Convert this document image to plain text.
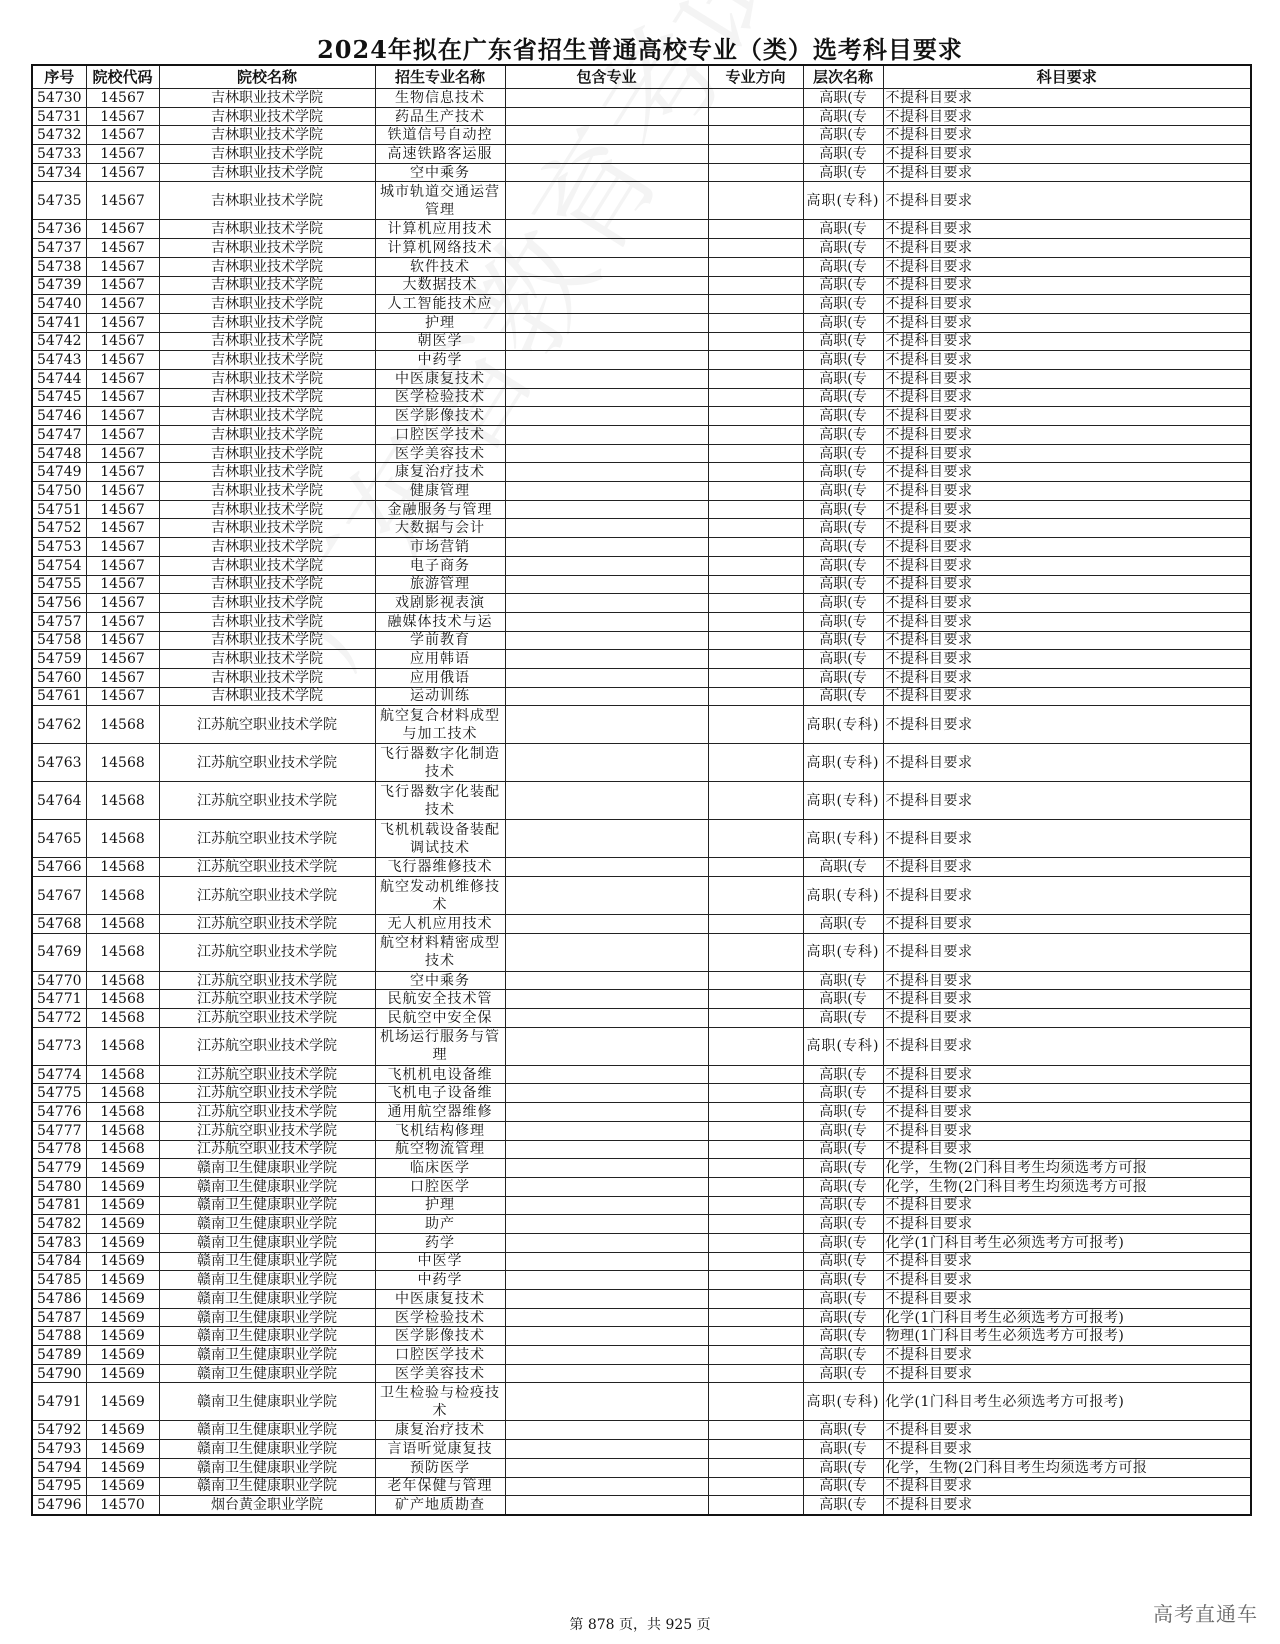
2024年拟在广东省招生普通高校专业（类）选考科目要求
序号	院校代码	院校名称	招生专业名称	包含专业	专业方向	层次名称	科目要求
54730	14567	吉林职业技术学院	生物信息技术			高职(专	不提科目要求
54731	14567	吉林职业技术学院	药品生产技术			高职(专	不提科目要求
54732	14567	吉林职业技术学院	铁道信号自动控			高职(专	不提科目要求
54733	14567	吉林职业技术学院	高速铁路客运服			高职(专	不提科目要求
54734	14567	吉林职业技术学院	空中乘务			高职(专	不提科目要求
54735	14567	吉林职业技术学院	城市轨道交通运营管理			高职(专科)	不提科目要求
54736	14567	吉林职业技术学院	计算机应用技术			高职(专	不提科目要求
54737	14567	吉林职业技术学院	计算机网络技术			高职(专	不提科目要求
54738	14567	吉林职业技术学院	软件技术			高职(专	不提科目要求
54739	14567	吉林职业技术学院	大数据技术			高职(专	不提科目要求
54740	14567	吉林职业技术学院	人工智能技术应			高职(专	不提科目要求
54741	14567	吉林职业技术学院	护理			高职(专	不提科目要求
54742	14567	吉林职业技术学院	朝医学			高职(专	不提科目要求
54743	14567	吉林职业技术学院	中药学			高职(专	不提科目要求
54744	14567	吉林职业技术学院	中医康复技术			高职(专	不提科目要求
54745	14567	吉林职业技术学院	医学检验技术			高职(专	不提科目要求
54746	14567	吉林职业技术学院	医学影像技术			高职(专	不提科目要求
54747	14567	吉林职业技术学院	口腔医学技术			高职(专	不提科目要求
54748	14567	吉林职业技术学院	医学美容技术			高职(专	不提科目要求
54749	14567	吉林职业技术学院	康复治疗技术			高职(专	不提科目要求
54750	14567	吉林职业技术学院	健康管理			高职(专	不提科目要求
54751	14567	吉林职业技术学院	金融服务与管理			高职(专	不提科目要求
54752	14567	吉林职业技术学院	大数据与会计			高职(专	不提科目要求
54753	14567	吉林职业技术学院	市场营销			高职(专	不提科目要求
54754	14567	吉林职业技术学院	电子商务			高职(专	不提科目要求
54755	14567	吉林职业技术学院	旅游管理			高职(专	不提科目要求
54756	14567	吉林职业技术学院	戏剧影视表演			高职(专	不提科目要求
54757	14567	吉林职业技术学院	融媒体技术与运			高职(专	不提科目要求
54758	14567	吉林职业技术学院	学前教育			高职(专	不提科目要求
54759	14567	吉林职业技术学院	应用韩语			高职(专	不提科目要求
54760	14567	吉林职业技术学院	应用俄语			高职(专	不提科目要求
54761	14567	吉林职业技术学院	运动训练			高职(专	不提科目要求
54762	14568	江苏航空职业技术学院	航空复合材料成型与加工技术			高职(专科)	不提科目要求
54763	14568	江苏航空职业技术学院	飞行器数字化制造技术			高职(专科)	不提科目要求
54764	14568	江苏航空职业技术学院	飞行器数字化装配技术			高职(专科)	不提科目要求
54765	14568	江苏航空职业技术学院	飞机机载设备装配调试技术			高职(专科)	不提科目要求
54766	14568	江苏航空职业技术学院	飞行器维修技术			高职(专	不提科目要求
54767	14568	江苏航空职业技术学院	航空发动机维修技术			高职(专科)	不提科目要求
54768	14568	江苏航空职业技术学院	无人机应用技术			高职(专	不提科目要求
54769	14568	江苏航空职业技术学院	航空材料精密成型技术			高职(专科)	不提科目要求
54770	14568	江苏航空职业技术学院	空中乘务			高职(专	不提科目要求
54771	14568	江苏航空职业技术学院	民航安全技术管			高职(专	不提科目要求
54772	14568	江苏航空职业技术学院	民航空中安全保			高职(专	不提科目要求
54773	14568	江苏航空职业技术学院	机场运行服务与管理			高职(专科)	不提科目要求
54774	14568	江苏航空职业技术学院	飞机机电设备维			高职(专	不提科目要求
54775	14568	江苏航空职业技术学院	飞机电子设备维			高职(专	不提科目要求
54776	14568	江苏航空职业技术学院	通用航空器维修			高职(专	不提科目要求
54777	14568	江苏航空职业技术学院	飞机结构修理			高职(专	不提科目要求
54778	14568	江苏航空职业技术学院	航空物流管理			高职(专	不提科目要求
54779	14569	赣南卫生健康职业学院	临床医学			高职(专	化学，生物(2门科目考生均须选考方可报
54780	14569	赣南卫生健康职业学院	口腔医学			高职(专	化学，生物(2门科目考生均须选考方可报
54781	14569	赣南卫生健康职业学院	护理			高职(专	不提科目要求
54782	14569	赣南卫生健康职业学院	助产			高职(专	不提科目要求
54783	14569	赣南卫生健康职业学院	药学			高职(专	化学(1门科目考生必须选考方可报考)
54784	14569	赣南卫生健康职业学院	中医学			高职(专	不提科目要求
54785	14569	赣南卫生健康职业学院	中药学			高职(专	不提科目要求
54786	14569	赣南卫生健康职业学院	中医康复技术			高职(专	不提科目要求
54787	14569	赣南卫生健康职业学院	医学检验技术			高职(专	化学(1门科目考生必须选考方可报考)
54788	14569	赣南卫生健康职业学院	医学影像技术			高职(专	物理(1门科目考生必须选考方可报考)
54789	14569	赣南卫生健康职业学院	口腔医学技术			高职(专	不提科目要求
54790	14569	赣南卫生健康职业学院	医学美容技术			高职(专	不提科目要求
54791	14569	赣南卫生健康职业学院	卫生检验与检疫技术			高职(专科)	化学(1门科目考生必须选考方可报考)
54792	14569	赣南卫生健康职业学院	康复治疗技术			高职(专	不提科目要求
54793	14569	赣南卫生健康职业学院	言语听觉康复技			高职(专	不提科目要求
54794	14569	赣南卫生健康职业学院	预防医学			高职(专	化学，生物(2门科目考生均须选考方可报
54795	14569	赣南卫生健康职业学院	老年保健与管理			高职(专	不提科目要求
54796	14570	烟台黄金职业学院	矿产地质勘查			高职(专	不提科目要求
第 878 页，共 925 页	高考直通车
